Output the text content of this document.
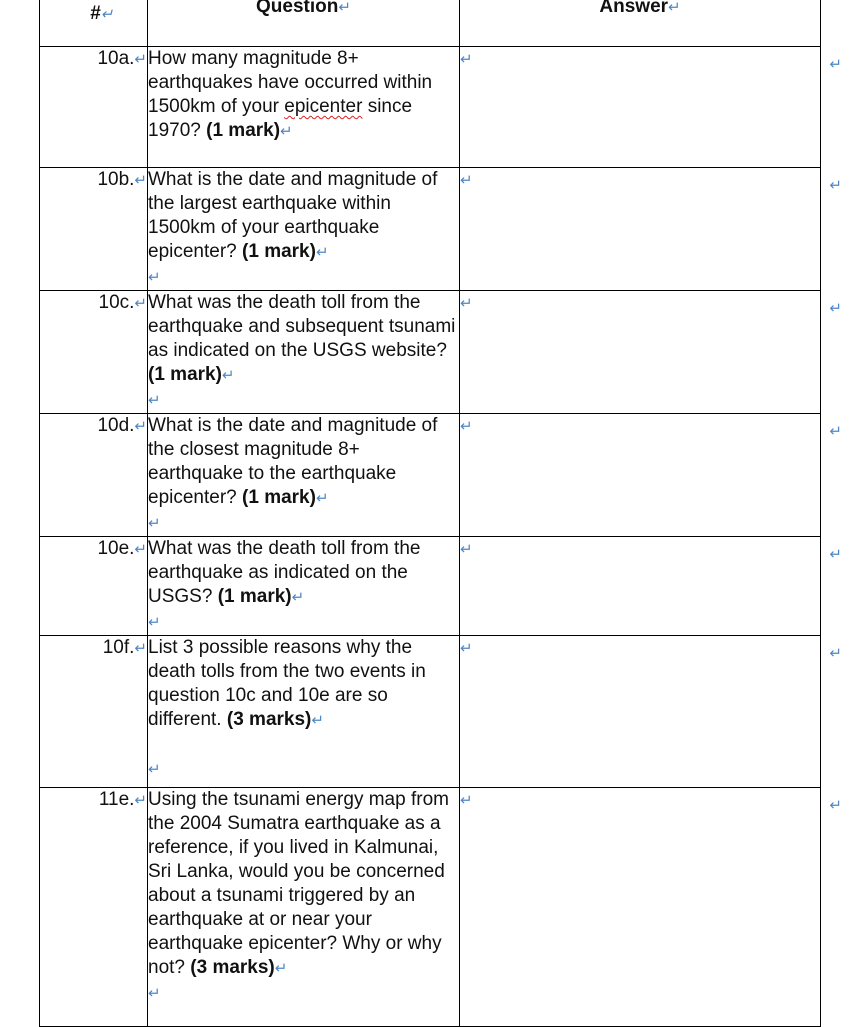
#↵	Question↵	Answer↵
10a.↵	How many magnitude 8+ earthquakes have occurred within 1500km of your epicenter since 1970? (1 mark)↵	↵ ↵

10b.↵	What is the date and magnitude of the largest earthquake within 1500km of your earthquake epicenter? (1 mark)↵
↵	↵ ↵

10c.↵	What was the death toll from the earthquake and subsequent tsunami as indicated on the USGS website? (1 mark)↵
↵	↵ ↵

10d.↵	What is the date and magnitude of the closest magnitude 8+ earthquake to the earthquake epicenter? (1 mark)↵
↵	↵ ↵

10e.↵	What was the death toll from the earthquake as indicated on the USGS? (1 mark)↵
↵	↵ ↵

10f.↵	List 3 possible reasons why the death tolls from the two events in question 10c and 10e are so different. (3 marks)↵

↵	↵ ↵

11e.↵	Using the tsunami energy map from the 2004 Sumatra earthquake as a reference, if you lived in Kalmunai, Sri Lanka, would you be concerned about a tsunami triggered by an earthquake at or near your earthquake epicenter? Why or why not? (3 marks)↵
↵	↵ ↵
